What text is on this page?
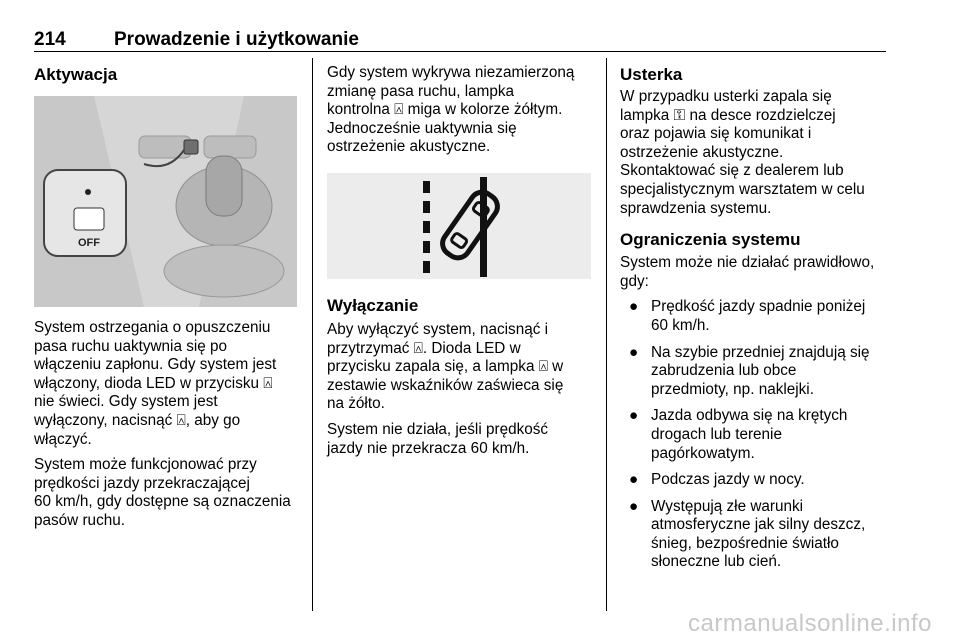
214	Prowadzenie i użytkowanie
Aktywacja
OFF

System ostrzegania o opuszczeniu
pasa ruchu uaktywnia się po
włączeniu zapłonu. Gdy system jest
włączony, dioda LED w przycisku ⍓
nie świeci. Gdy system jest
wyłączony, nacisnąć ⍓, aby go
włączyć.

System może funkcjonować przy
prędkości jazdy przekraczającej
60 km/h, gdy dostępne są oznaczenia
pasów ruchu.

Gdy system wykrywa niezamierzoną
zmianę pasa ruchu, lampka
kontrolna ⍓ miga w kolorze żółtym.
Jednocześnie uaktywnia się
ostrzeżenie akustyczne.

Wyłączanie

Aby wyłączyć system, nacisnąć i
przytrzymać ⍓. Dioda LED w
przycisku zapala się, a lampka ⍓ w
zestawie wskaźników zaświeca się
na żółto.

System nie działa, jeśli prędkość
jazdy nie przekracza 60 km/h.

Usterka

W przypadku usterki zapala się
lampka ⚿ na desce rozdzielczej
oraz pojawia się komunikat i
ostrzeżenie akustyczne.
Skontaktować się z dealerem lub
specjalistycznym warsztatem w celu
sprawdzenia systemu.

Ograniczenia systemu

System może nie działać prawidłowo,
gdy:

● Prędkość jazdy spadnie poniżej
60 km/h.
● Na szybie przedniej znajdują się
zabrudzenia lub obce
przedmioty, np. naklejki.
● Jazda odbywa się na krętych
drogach lub terenie
pagórkowatym.
● Podczas jazdy w nocy.
● Występują złe warunki
atmosferyczne jak silny deszcz,
śnieg, bezpośrednie światło
słoneczne lub cień.
carmanualsonline.info
